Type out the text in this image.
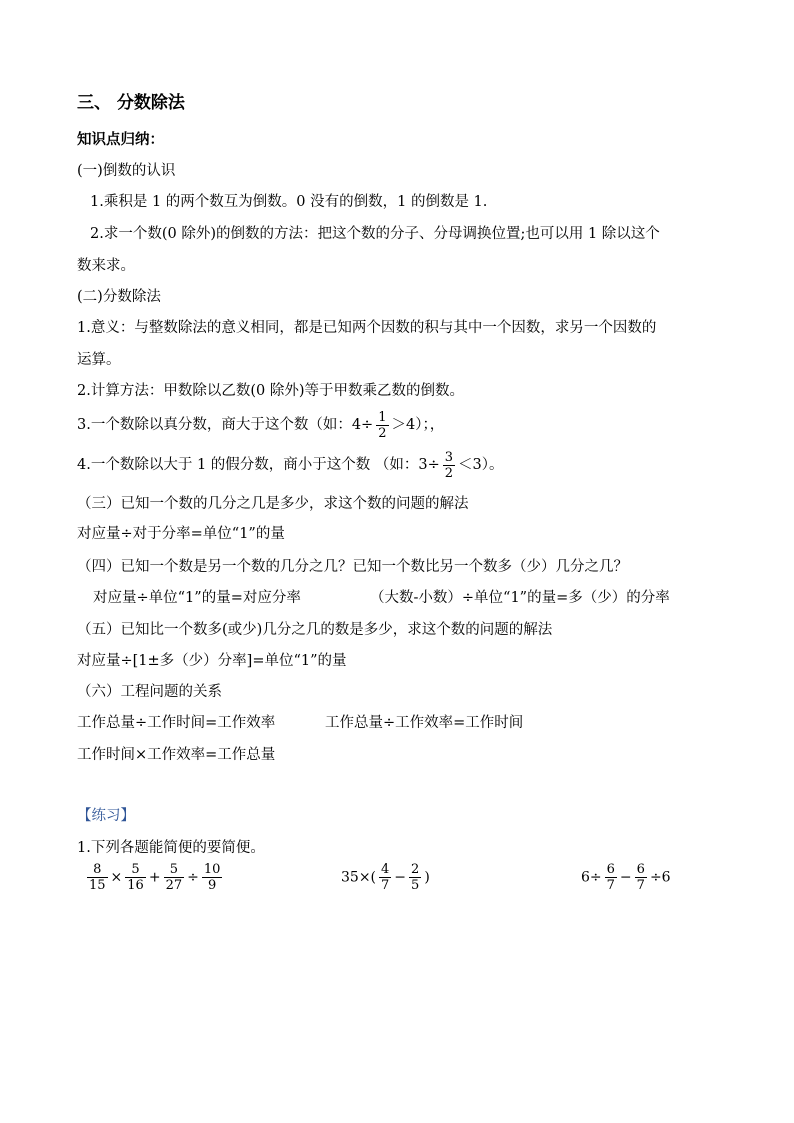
三、 分数除法
知识点归纳：
(一)倒数的认识
1.乘积是 1 的两个数互为倒数。0 没有的倒数，1 的倒数是 1.
2.求一个数(0 除外)的倒数的方法：把这个数的分子、分母调换位置;也可以用 1 除以这个
数来求。
(二)分数除法
1.意义：与整数除法的意义相同，都是已知两个因数的积与其中一个因数，求另一个因数的
运算。
2.计算方法：甲数除以乙数(0 除外)等于甲数乘乙数的倒数。
3.一个数除以真分数，商大于这个数（如：$4\div \frac{1}{2} >4$）；，
4.一个数除以大于 1 的假分数，商小于这个数 （如：$3\div \frac{3}{2} <3$）。
（三）已知一个数的几分之几是多少，求这个数的问题的解法
对应量÷对于分率=单位“1”的量
（四）已知一个数是另一个数的几分之几？已知一个数比另一个数多（少）几分之几？
对应量÷单位“1”的量=对应分率	（大数-小数）÷单位“1”的量=多（少）的分率
（五）已知比一个数多(或少)几分之几的数是多少，求这个数的问题的解法
对应量÷[1±多（少）分率]=单位“1”的量
（六）工程问题的关系
工作总量÷工作时间=工作效率	工作总量÷工作效率=工作时间
工作时间×工作效率=工作总量
【练习】
1.下列各题能简便的要简便。
$\frac{8}{15} \times \frac{5}{16} + \frac{5}{27} \div \frac{10}{9}$	$35\times( \frac{4}{7} - \frac{2}{5}$ )	$6\div \frac{6}{7} - \frac{6}{7} \div 6$
